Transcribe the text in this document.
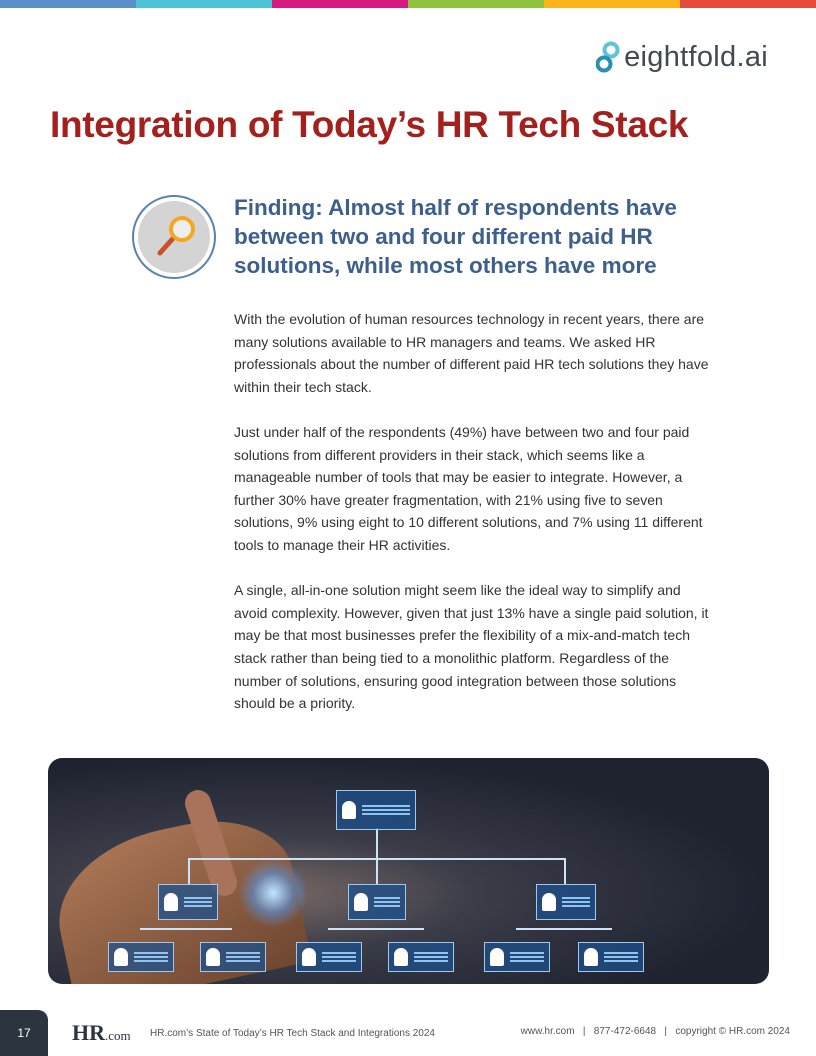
eightfold.ai
Integration of Today’s HR Tech Stack
Finding: Almost half of respondents have between two and four different paid HR solutions, while most others have more

With the evolution of human resources technology in recent years, there are many solutions available to HR managers and teams. We asked HR professionals about the number of different paid HR tech solutions they have within their tech stack.

Just under half of the respondents (49%) have between two and four paid solutions from different providers in their stack, which seems like a manageable number of tools that may be easier to integrate. However, a further 30% have greater fragmentation, with 21% using five to seven solutions, 9% using eight to 10 different solutions, and 7% using 11 different tools to manage their HR activities.

A single, all-in-one solution might seem like the ideal way to simplify and avoid complexity. However, given that just 13% have a single paid solution, it may be that most businesses prefer the flexibility of a mix-and-match tech stack rather than being tied to a monolithic platform. Regardless of the number of solutions, ensuring good integration between those solutions should be a priority.

17	HR.com HR.com’s State of Today’s HR Tech Stack and Integrations 2024	www.hr.com   |   877-472-6648   |   copyright © HR.com 2024
